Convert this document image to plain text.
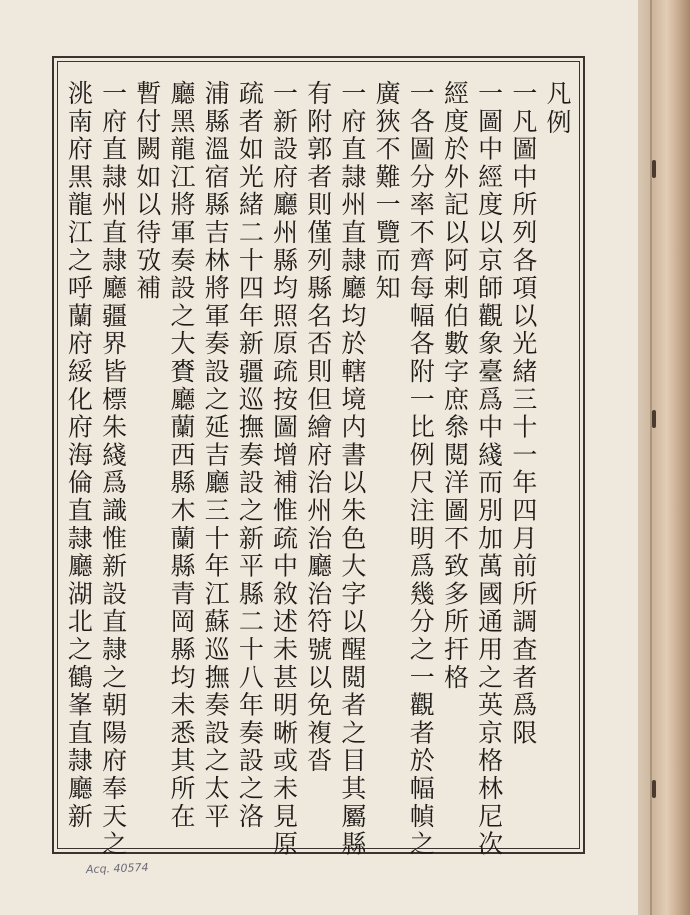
凡例
一凡圖中所列各項以光緒三十一年四月前所調査者爲限
一圖中經度以京師觀象臺爲中綫而別加萬國通用之英京格林尼次
經度於外記以阿剌伯數字庶叅閲洋圖不致多所扞格
一各圖分率不齊每幅各附一比例尺注明爲幾分之一觀者於幅幀之
廣狹不難一覽而知
一府直隷州直隷廳均於轄境内書以朱色大字以醒閲者之目其屬縣
有附郭者則僅列縣名否則但繪府治州治廳治符號以免複沓
一新設府廳州縣均照原疏按圖增補惟疏中敘述未甚明晰或未見原
疏者如光緒二十四年新疆巡撫奏設之新平縣二十八年奏設之洛
浦縣溫宿縣吉林將軍奏設之延吉廳三十年江蘇巡撫奏設之太平
廳黑龍江將軍奏設之大賚廳蘭西縣木蘭縣青岡縣均未悉其所在
暫付闕如以待攷補
一府直隷州直隷廳疆界皆標朱綫爲識惟新設直隷之朝陽府奉天之
洮南府黒龍江之呼蘭府綏化府海倫直隷廳湖北之鶴峯直隷廳新
Acq. 40574
